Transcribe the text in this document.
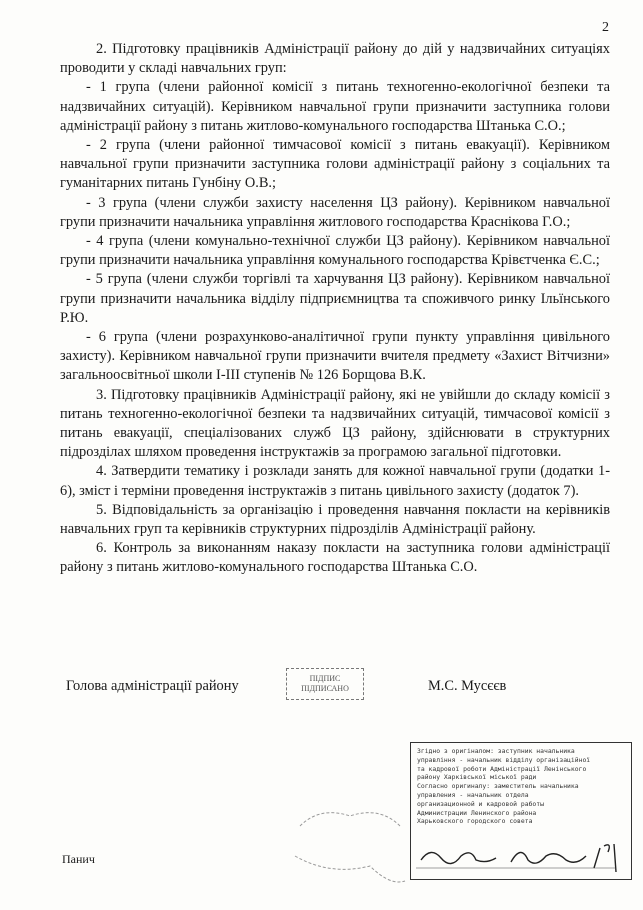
2

2. Підготовку працівників Адміністрації району до дій у надзвичайних ситуаціях проводити у складі навчальних груп:

- 1 група (члени районної комісії з питань техногенно-екологічної безпеки та надзвичайних ситуацій). Керівником навчальної групи призначити заступника голови адміністрації району з питань житлово-комунального господарства Штанька С.О.;

- 2 група (члени районної тимчасової комісії з питань евакуації). Керівником навчальної групи призначити заступника голови адміністрації району з соціальних та гуманітарних питань Гунбіну О.В.;

- 3 група (члени служби захисту населення ЦЗ району). Керівником навчальної групи призначити начальника управління житлового господарства Краснікова Г.О.;

- 4 група (члени комунально-технічної служби ЦЗ району). Керівником навчальної групи призначити начальника управління комунального господарства Крівєтченка Є.С.;

- 5 група (члени служби торгівлі та харчування ЦЗ району). Керівником навчальної групи призначити начальника відділу підприємництва та споживчого ринку Ільїнського Р.Ю.

- 6 група (члени розрахунково-аналітичної групи пункту управління цивільного захисту). Керівником навчальної групи призначити вчителя предмету «Захист Вітчизни» загальноосвітньої школи І-ІІІ ступенів № 126 Борщова В.К.

3. Підготовку працівників Адміністрації району, які не увійшли до складу комісії з питань техногенно-екологічної безпеки та надзвичайних ситуацій, тимчасової комісії з питань евакуації, спеціалізованих служб ЦЗ району, здійснювати в структурних підрозділах шляхом проведення інструктажів за програмою загальної підготовки.

4. Затвердити тематику і розклади занять для кожної навчальної групи (додатки 1-6), зміст і терміни проведення інструктажів з питань цивільного захисту (додаток 7).

5. Відповідальність за організацію і проведення навчання покласти на керівників навчальних груп та керівників структурних підрозділів Адміністрації району.

6. Контроль за виконанням наказу покласти на заступника голови адміністрації району з питань житлово-комунального господарства Штанька С.О.

Голова адміністрації району	ПІДПИС
ПІДПИСАНО	М.С. Мусєєв
Згідно з оригіналом: заступник начальника
управління - начальник відділу організаційної
та кадрової роботи Адміністрації Ленінського
району Харківської міської ради
Согласно оригиналу: заместитель начальника
управления - начальник отдела
организационной и кадровой работы
Администрации Ленинского района
Харьковского городского совета
Панич
